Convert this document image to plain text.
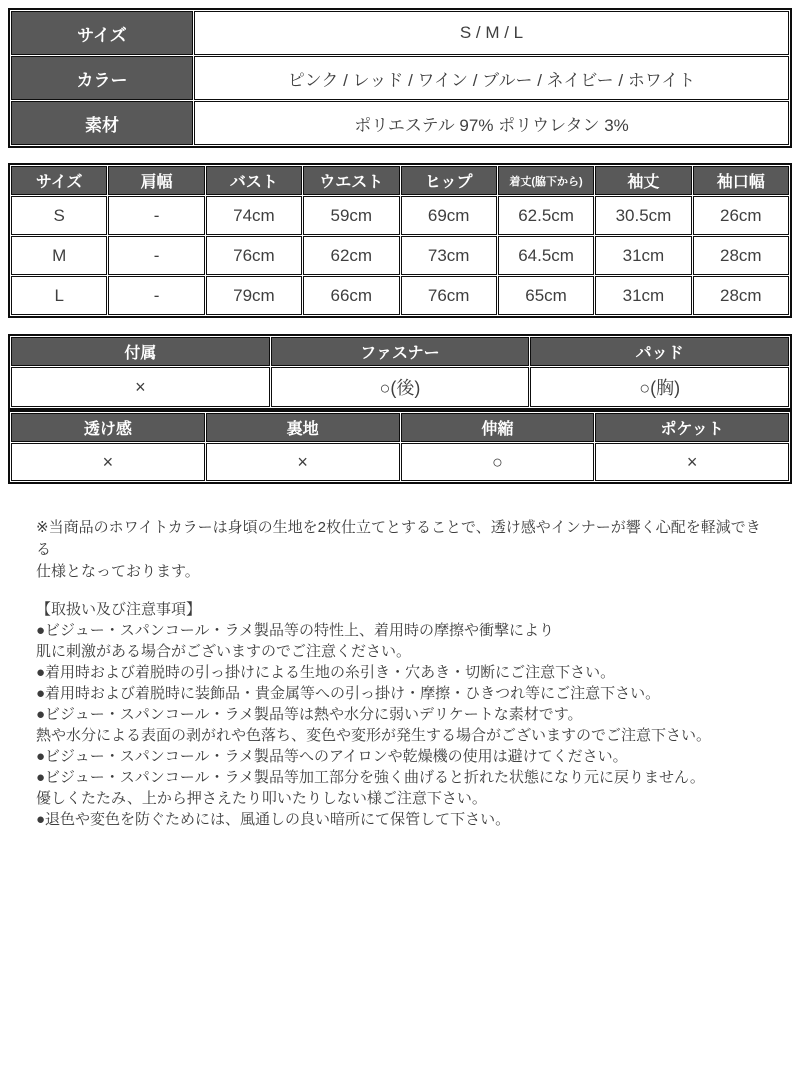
サイズ	S / M / L
カラー	ピンク / レッド / ワイン / ブルー / ネイビー / ホワイト
素材	ポリエステル 97% ポリウレタン 3%
サイズ	肩幅	バスト	ウエスト	ヒップ	着丈(脇下から)	袖丈	袖口幅
S	-	74cm	59cm	69cm	62.5cm	30.5cm	26cm
M	-	76cm	62cm	73cm	64.5cm	31cm	28cm
L	-	79cm	66cm	76cm	65cm	31cm	28cm
付属	ファスナー	パッド
×	○(後)	○(胸)
透け感	裏地	伸縮	ポケット
×	×	○	×
※当商品のホワイトカラーは身頃の生地を2枚仕立てとすることで、透け感やインナーが響く心配を軽減できる
仕様となっております。
【取扱い及び注意事項】
●ビジュー・スパンコール・ラメ製品等の特性上、着用時の摩擦や衝撃により
肌に刺激がある場合がございますのでご注意ください。
●着用時および着脱時の引っ掛けによる生地の糸引き・穴あき・切断にご注意下さい。
●着用時および着脱時に装飾品・貴金属等への引っ掛け・摩擦・ひきつれ等にご注意下さい。
●ビジュー・スパンコール・ラメ製品等は熱や水分に弱いデリケートな素材です。
熱や水分による表面の剥がれや色落ち、変色や変形が発生する場合がございますのでご注意下さい。
●ビジュー・スパンコール・ラメ製品等へのアイロンや乾燥機の使用は避けてください。
●ビジュー・スパンコール・ラメ製品等加工部分を強く曲げると折れた状態になり元に戻りません。
優しくたたみ、上から押さえたり叩いたりしない様ご注意下さい。
●退色や変色を防ぐためには、風通しの良い暗所にて保管して下さい。
